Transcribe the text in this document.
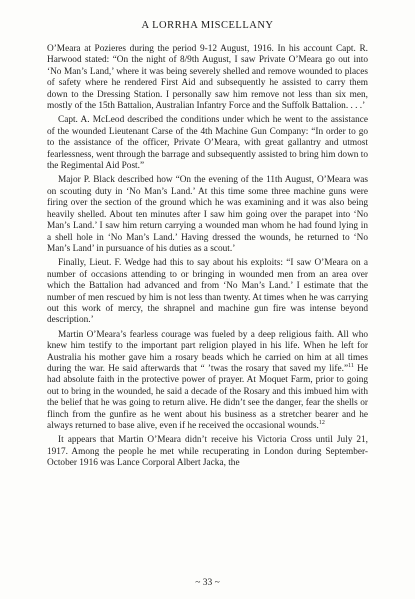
A LORRHA MISCELLANY

O’Meara at Pozieres during the period 9-12 August, 1916. In his account Capt. R. Harwood stated: “On the night of 8/9th August, I saw Private O’Meara go out into ‘No Man’s Land,’ where it was being severely shelled and remove wounded to places of safety where he rendered First Aid and subsequently he assisted to carry them down to the Dressing Station. I personally saw him remove not less than six men, mostly of the 15th Battalion, Australian Infantry Force and the Suffolk Battalion. . . .’

Capt. A. McLeod described the conditions under which he went to the assistance of the wounded Lieutenant Carse of the 4th Machine Gun Company: “In order to go to the assistance of the officer, Private O’Meara, with great gallantry and utmost fearlessness, went through the barrage and subsequently assisted to bring him down to the Regimental Aid Post.”

Major P. Black described how “On the evening of the 11th August, O’Meara was on scouting duty in ‘No Man’s Land.’ At this time some three machine guns were firing over the section of the ground which he was examining and it was also being heavily shelled. About ten minutes after I saw him going over the parapet into ‘No Man’s Land.’ I saw him return carrying a wounded man whom he had found lying in a shell hole in ‘No Man’s Land.’ Having dressed the wounds, he returned to ‘No Man’s Land’ in pursuance of his duties as a scout.’

Finally, Lieut. F. Wedge had this to say about his exploits: “I saw O’Meara on a number of occasions attending to or bringing in wounded men from an area over which the Battalion had advanced and from ‘No Man’s Land.’ I estimate that the number of men rescued by him is not less than twenty. At times when he was carrying out this work of mercy, the shrapnel and machine gun fire was intense beyond description.’

Martin O’Meara’s fearless courage was fueled by a deep religious faith. All who knew him testify to the important part religion played in his life. When he left for Australia his mother gave him a rosary beads which he carried on him at all times during the war. He said afterwards that “ ’twas the rosary that saved my life.”$^{11}$ He had absolute faith in the protective power of prayer. At Moquet Farm, prior to going out to bring in the wounded, he said a decade of the Rosary and this imbued him with the belief that he was going to return alive. He didn’t see the danger, fear the shells or flinch from the gunfire as he went about his business as a stretcher bearer and he always returned to base alive, even if he received the occasional wounds.$^{12}$

It appears that Martin O’Meara didn’t receive his Victoria Cross until July 21, 1917. Among the people he met while recuperating in London during September-October 1916 was Lance Corporal Albert Jacka, the

~ 33 ~
